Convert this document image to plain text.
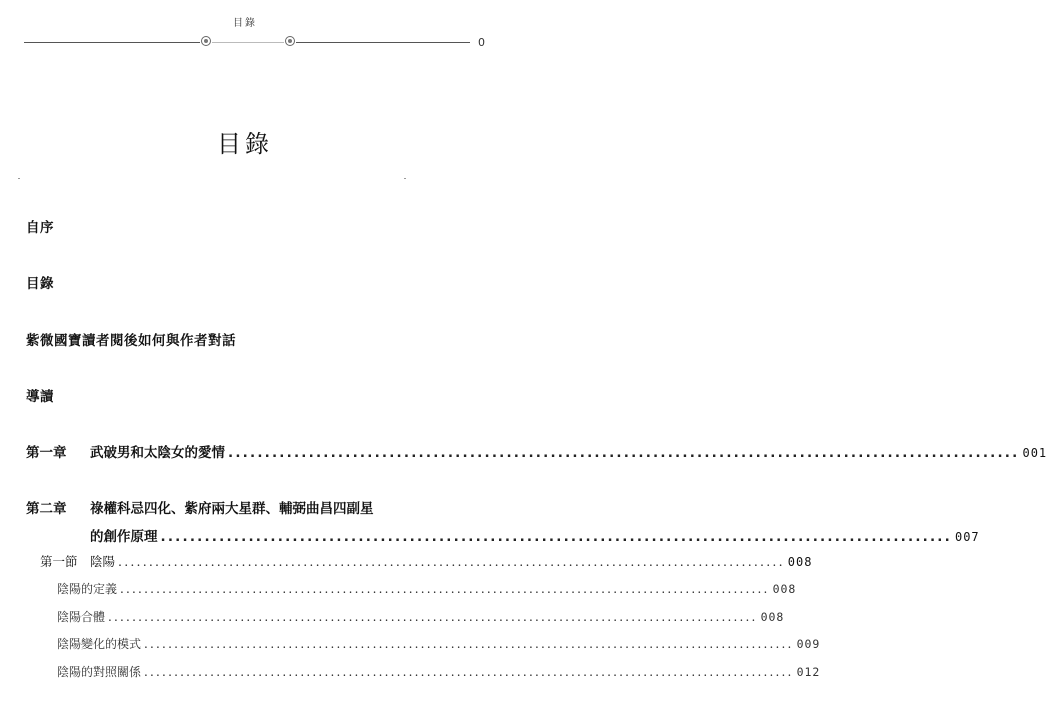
目錄
0
目錄
自序
目錄
紫微國寶讀者閱後如何與作者對話
導讀
第一章 武破男和太陰女的愛情 ............................................................................................................ 001
第二章 祿權科忌四化、紫府兩大星群、輔弼曲昌四副星
的創作原理 ............................................................................................................ 007
第一節　陰陽 ............................................................................................................ 008
陰陽的定義 ............................................................................................................ 008
陰陽合體 ............................................................................................................ 008
陰陽變化的模式 ............................................................................................................ 009
陰陽的對照關係 ............................................................................................................ 012
